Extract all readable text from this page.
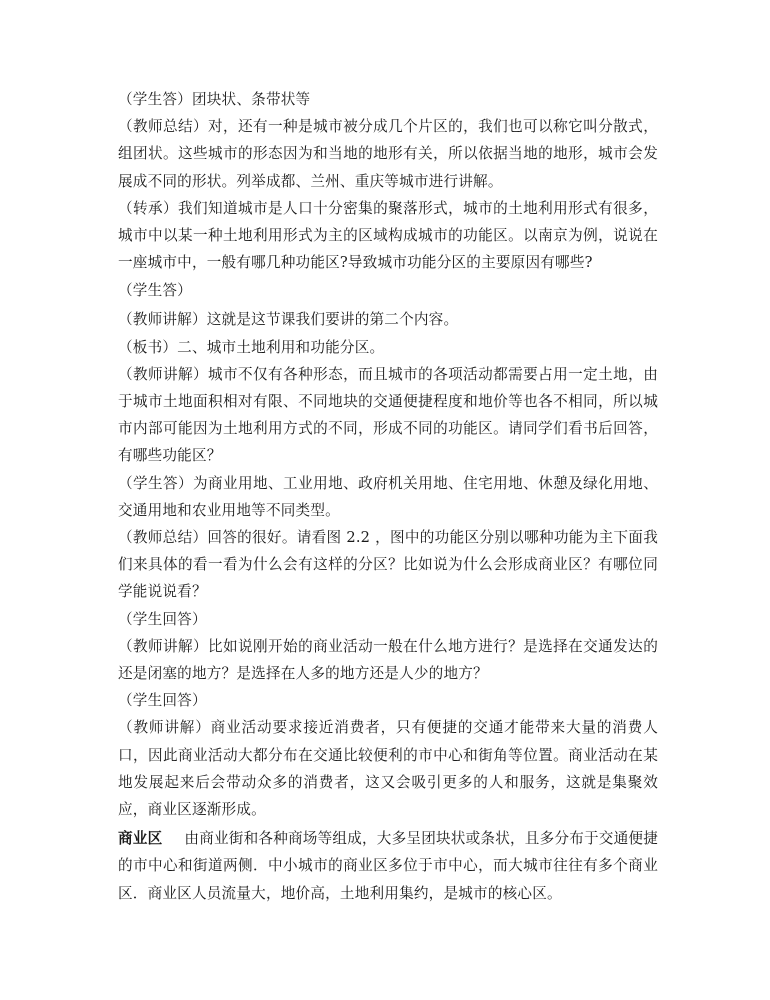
（学生答）团块状、条带状等

（教师总结）对，还有一种是城市被分成几个片区的，我们也可以称它叫分散式，组团状。这些城市的形态因为和当地的地形有关，所以依据当地的地形，城市会发展成不同的形状。列举成都、兰州、重庆等城市进行讲解。

（转承）我们知道城市是人口十分密集的聚落形式，城市的土地利用形式有很多，城市中以某一种土地利用形式为主的区域构成城市的功能区。以南京为例，说说在一座城市中，一般有哪几种功能区?导致城市功能分区的主要原因有哪些?

（学生答）

（教师讲解）这就是这节课我们要讲的第二个内容。

（板书）二、城市土地利用和功能分区。

（教师讲解）城市不仅有各种形态，而且城市的各项活动都需要占用一定土地，由于城市土地面积相对有限、不同地块的交通便捷程度和地价等也各不相同，所以城市内部可能因为土地利用方式的不同，形成不同的功能区。请同学们看书后回答，有哪些功能区？

（学生答）为商业用地、工业用地、政府机关用地、住宅用地、休憩及绿化用地、交通用地和农业用地等不同类型。

（教师总结）回答的很好。请看图 2.2 ，图中的功能区分别以哪种功能为主下面我们来具体的看一看为什么会有这样的分区？比如说为什么会形成商业区？有哪位同学能说说看？

（学生回答）

（教师讲解）比如说刚开始的商业活动一般在什么地方进行？是选择在交通发达的还是闭塞的地方？是选择在人多的地方还是人少的地方？

（学生回答）

（教师讲解）商业活动要求接近消费者，只有便捷的交通才能带来大量的消费人口，因此商业活动大都分布在交通比较便利的市中心和街角等位置。商业活动在某地发展起来后会带动众多的消费者，这又会吸引更多的人和服务，这就是集聚效应，商业区逐渐形成。

商业区 由商业街和各种商场等组成，大多呈团块状或条状，且多分布于交通便捷的市中心和街道两侧．中小城市的商业区多位于市中心，而大城市往往有多个商业区．商业区人员流量大，地价高，土地利用集约，是城市的核心区。
